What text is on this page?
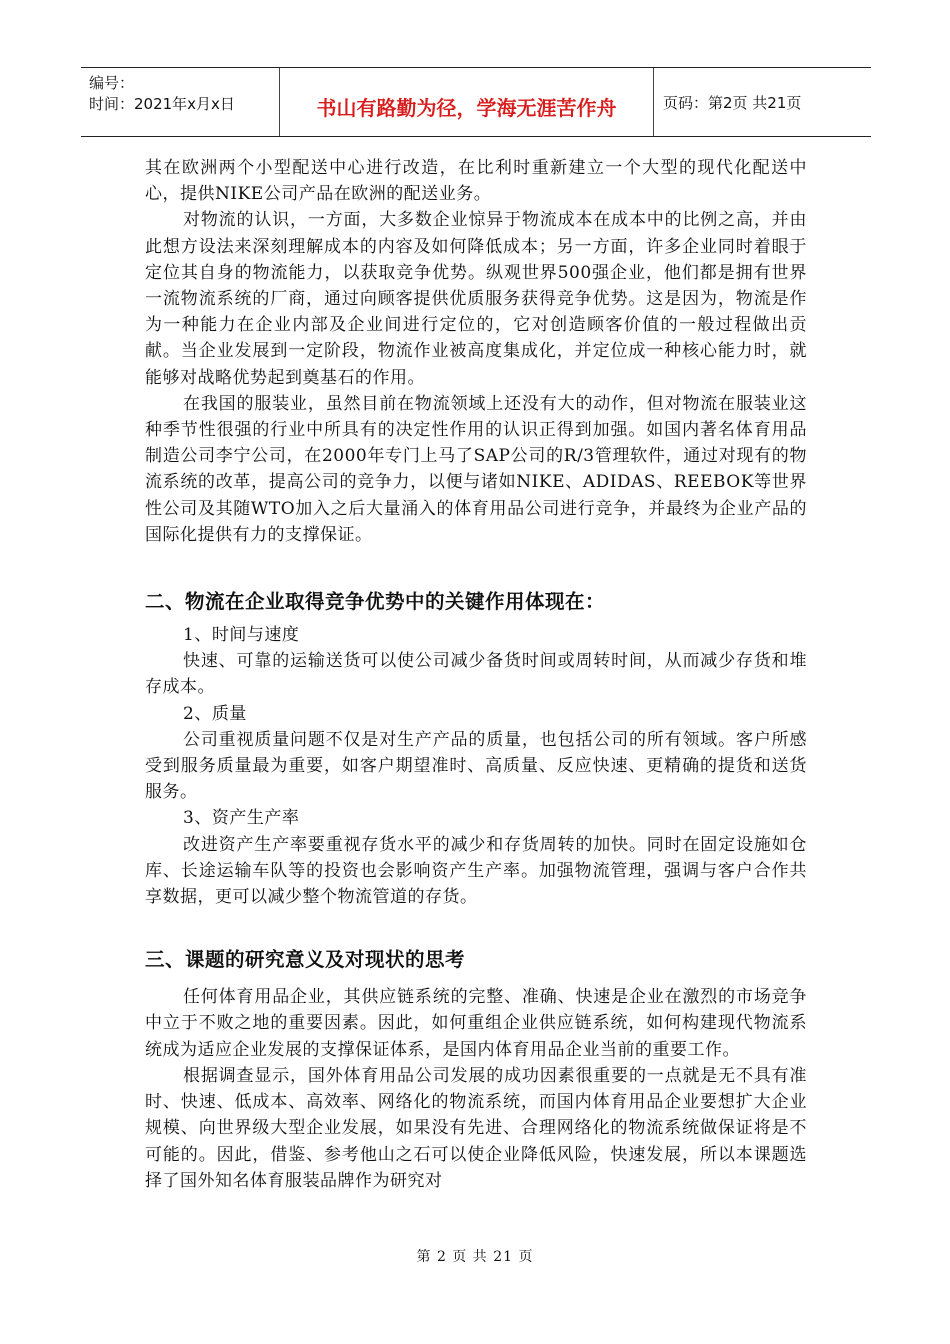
编号：
时间：2021年x月x日	书山有路勤为径，学海无涯苦作舟	页码：第2页 共21页

其在欧洲两个小型配送中心进行改造，在比利时重新建立一个大型的现代化配送中心，提供NIKE公司产品在欧洲的配送业务。

对物流的认识，一方面，大多数企业惊异于物流成本在成本中的比例之高，并由此想方设法来深刻理解成本的内容及如何降低成本；另一方面，许多企业同时着眼于定位其自身的物流能力，以获取竞争优势。纵观世界500强企业，他们都是拥有世界一流物流系统的厂商，通过向顾客提供优质服务获得竞争优势。这是因为，物流是作为一种能力在企业内部及企业间进行定位的，它对创造顾客价值的一般过程做出贡献。当企业发展到一定阶段，物流作业被高度集成化，并定位成一种核心能力时，就能够对战略优势起到奠基石的作用。

在我国的服装业，虽然目前在物流领域上还没有大的动作，但对物流在服装业这种季节性很强的行业中所具有的决定性作用的认识正得到加强。如国内著名体育用品制造公司李宁公司，在2000年专门上马了SAP公司的R/3管理软件，通过对现有的物流系统的改革，提高公司的竞争力，以便与诸如NIKE、ADIDAS、REEBOK等世界性公司及其随WTO加入之后大量涌入的体育用品公司进行竞争，并最终为企业产品的国际化提供有力的支撑保证。

二、物流在企业取得竞争优势中的关键作用体现在：

1、时间与速度

快速、可靠的运输送货可以使公司减少备货时间或周转时间，从而减少存货和堆存成本。

2、质量

公司重视质量问题不仅是对生产产品的质量，也包括公司的所有领域。客户所感受到服务质量最为重要，如客户期望准时、高质量、反应快速、更精确的提货和送货服务。

3、资产生产率

改进资产生产率要重视存货水平的减少和存货周转的加快。同时在固定设施如仓库、长途运输车队等的投资也会影响资产生产率。加强物流管理，强调与客户合作共享数据，更可以减少整个物流管道的存货。

三、课题的研究意义及对现状的思考

任何体育用品企业，其供应链系统的完整、准确、快速是企业在激烈的市场竞争中立于不败之地的重要因素。因此，如何重组企业供应链系统，如何构建现代物流系统成为适应企业发展的支撑保证体系，是国内体育用品企业当前的重要工作。

根据调查显示，国外体育用品公司发展的成功因素很重要的一点就是无不具有准时、快速、低成本、高效率、网络化的物流系统，而国内体育用品企业要想扩大企业规模、向世界级大型企业发展，如果没有先进、合理网络化的物流系统做保证将是不可能的。因此，借鉴、参考他山之石可以使企业降低风险，快速发展，所以本课题选择了国外知名体育服装品牌作为研究对

第 2 页 共 21 页
